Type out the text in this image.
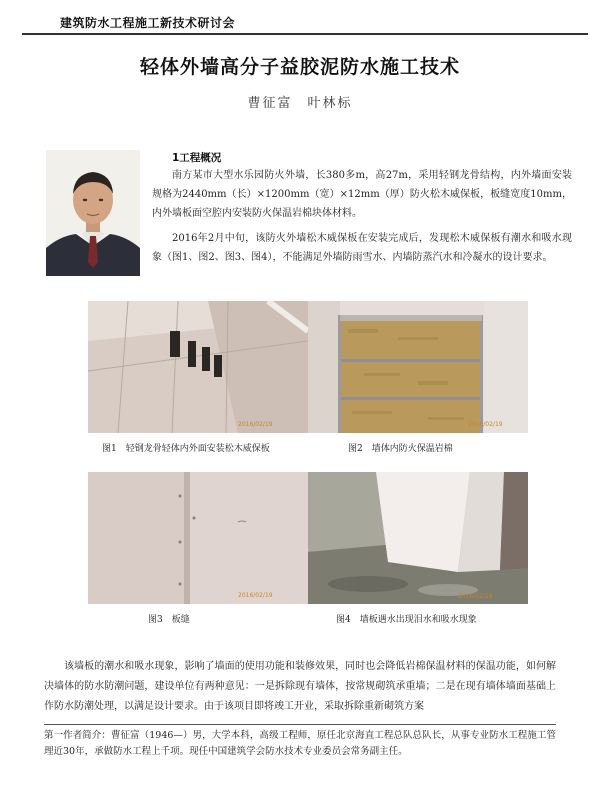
建筑防水工程施工新技术研讨会
轻体外墙高分子益胶泥防水施工技术
曹征富　叶林标
1工程概况

南方某市大型水乐园防火外墙，长380多m，高27m，采用轻钢龙骨结构，内外墙面安装规格为2440mm（长）×1200mm（宽）×12mm（厚）防火松木威保板，板缝宽度10mm，内外墙板面空腔内安装防火保温岩棉块体材料。

2016年2月中旬，该防火外墙松木威保板在安装完成后，发现松木威保板有潮水和吸水现象（图1、图2、图3、图4），不能满足外墙防雨雪水、内墙防蒸汽水和冷凝水的设计要求。

2016/02/19	2016/02/19
2016/02/19	2016/02/19
图1　轻钢龙骨轻体内外面安装松木威保板	图2　墙体内防火保温岩棉
图3　板缝	图4　墙板遇水出现泪水和吸水现象

该墙板的潮水和吸水现象，影响了墙面的使用功能和装修效果，同时也会降低岩棉保温材料的保温功能，如何解决墙体的防水防潮问题，建设单位有两种意见：一是拆除现有墙体，按常规砌筑承重墙；二是在现有墙体墙面基础上作防水防潮处理，以满足设计要求。由于该项目即将竣工开业，采取拆除重新砌筑方案

第一作者简介：曹征富（1946—）男，大学本科，高级工程师，原任北京海直工程总队总队长，从事专业防水工程施工管理近30年，承做防水工程上千项。现任中国建筑学会防水技术专业委员会常务副主任。
